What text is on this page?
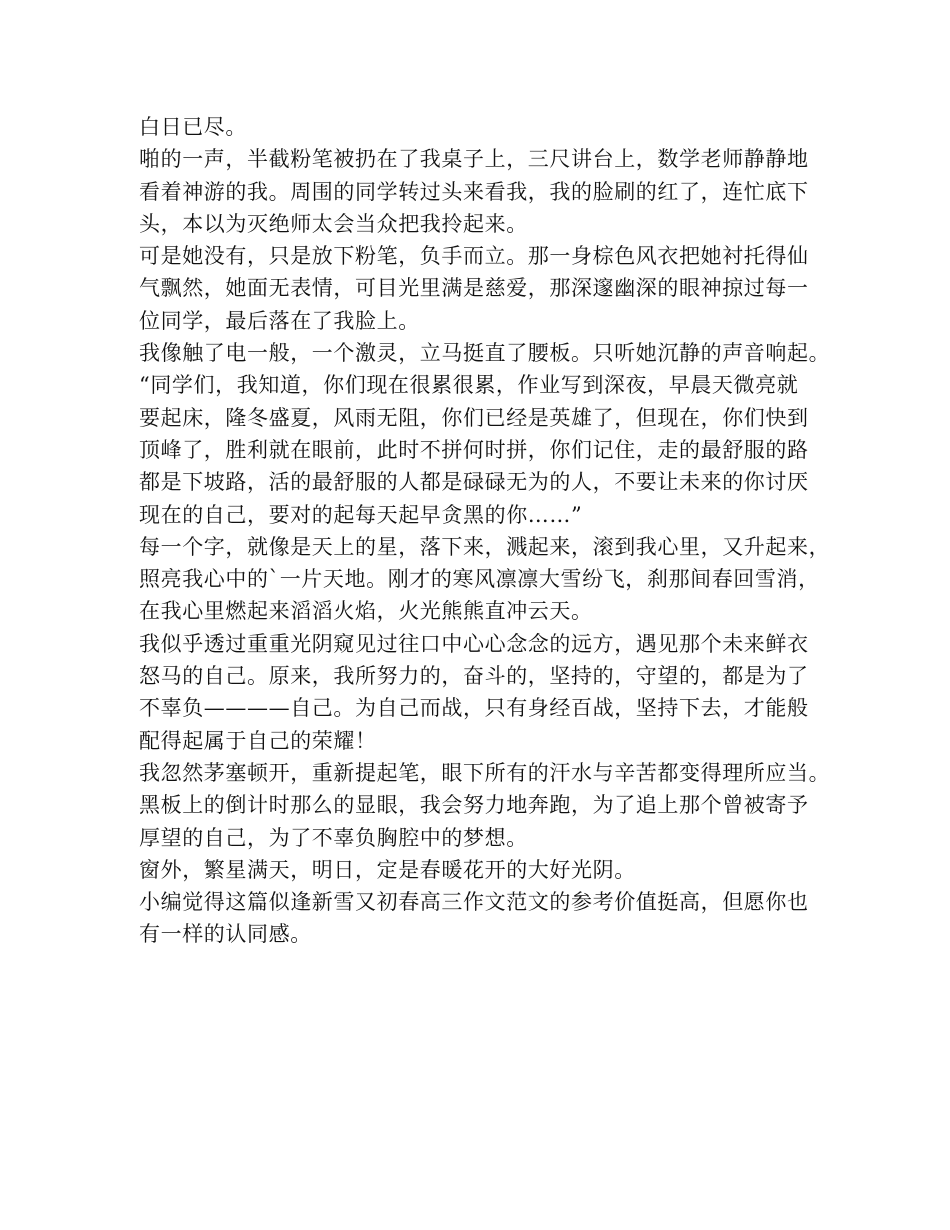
白日已尽。
啪的一声，半截粉笔被扔在了我桌子上，三尺讲台上，数学老师静静地
看着神游的我。周围的同学转过头来看我，我的脸刷的红了，连忙底下
头，本以为灭绝师太会当众把我拎起来。
可是她没有，只是放下粉笔，负手而立。那一身棕色风衣把她衬托得仙
气飘然，她面无表情，可目光里满是慈爱，那深邃幽深的眼神掠过每一
位同学，最后落在了我脸上。
我像触了电一般，一个激灵，立马挺直了腰板。只听她沉静的声音响起。
“同学们，我知道，你们现在很累很累，作业写到深夜，早晨天微亮就
要起床，隆冬盛夏，风雨无阻，你们已经是英雄了，但现在，你们快到
顶峰了，胜利就在眼前，此时不拼何时拼，你们记住，走的最舒服的路
都是下坡路，活的最舒服的人都是碌碌无为的人，不要让未来的你讨厌
现在的自己，要对的起每天起早贪黑的你……”
每一个字，就像是天上的星，落下来，溅起来，滚到我心里，又升起来，
照亮我心中的`一片天地。刚才的寒风凛凛大雪纷飞，刹那间春回雪消，
在我心里燃起来滔滔火焰，火光熊熊直冲云天。
我似乎透过重重光阴窥见过往口中心心念念的远方，遇见那个未来鲜衣
怒马的自己。原来，我所努力的，奋斗的，坚持的，守望的，都是为了
不辜负————自己。为自己而战，只有身经百战，坚持下去，才能般
配得起属于自己的荣耀！
我忽然茅塞顿开，重新提起笔，眼下所有的汗水与辛苦都变得理所应当。
黑板上的倒计时那么的显眼，我会努力地奔跑，为了追上那个曾被寄予
厚望的自己，为了不辜负胸腔中的梦想。
窗外，繁星满天，明日，定是春暖花开的大好光阴。
小编觉得这篇似逢新雪又初春高三作文范文的参考价值挺高，但愿你也
有一样的认同感。
